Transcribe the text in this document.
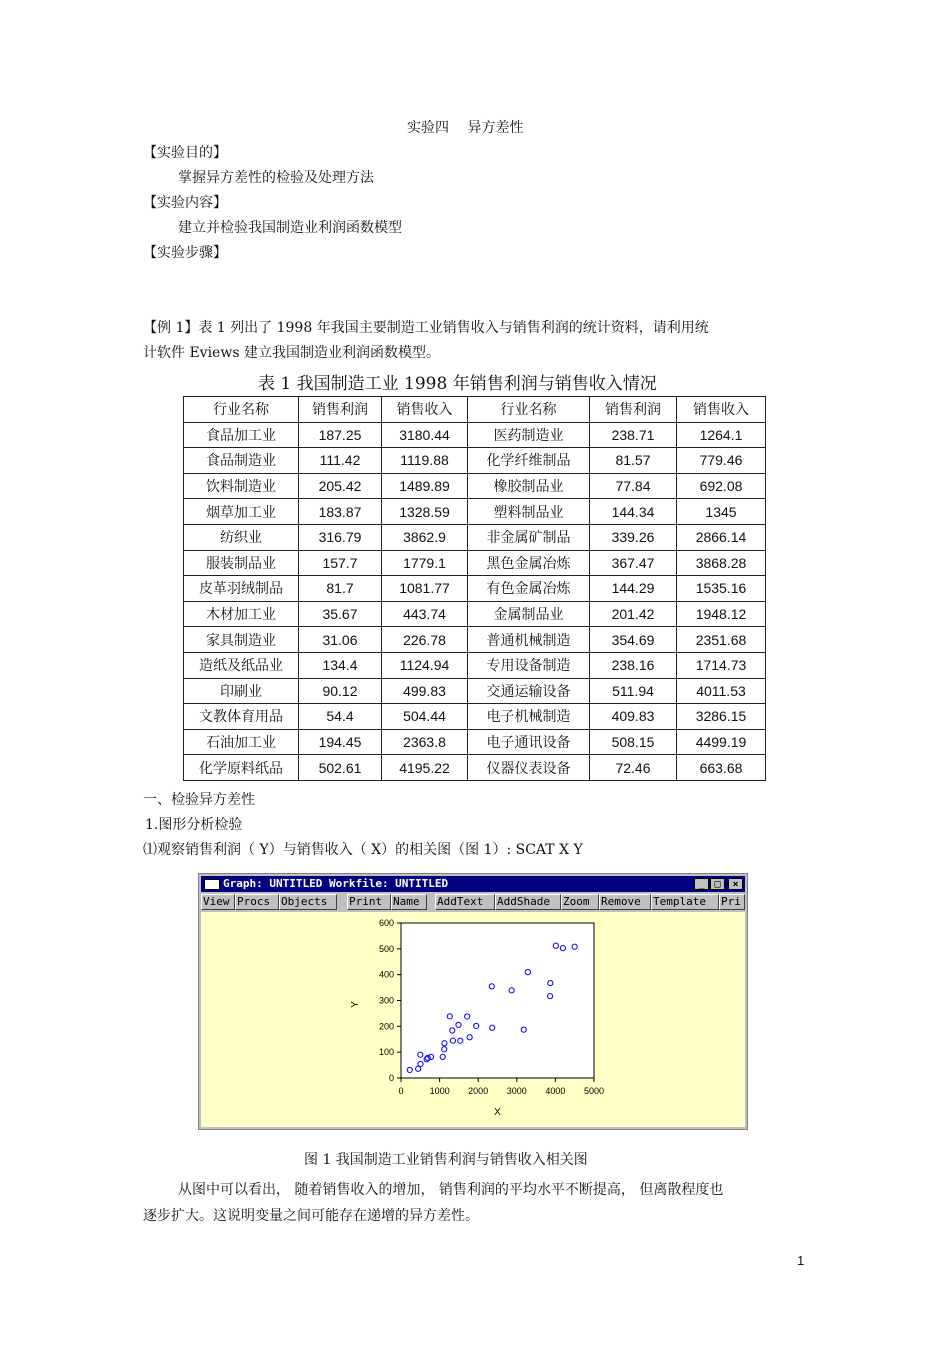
实验四　 异方差性
【实验目的】
掌握异方差性的检验及处理方法
【实验内容】
建立并检验我国制造业利润函数模型
【实验步骤】
【例 1】表 1 列出了 1998 年我国主要制造工业销售收入与销售利润的统计资料，请利用统
计软件 Eviews 建立我国制造业利润函数模型。
表 1 我国制造工业 1998 年销售利润与销售收入情况
行业名称	销售利润	销售收入	行业名称	销售利润	销售收入
食品加工业	187.25	3180.44	医药制造业	238.71	1264.1
食品制造业	111.42	1119.88	化学纤维制品	81.57	779.46
饮料制造业	205.42	1489.89	橡胶制品业	77.84	692.08
烟草加工业	183.87	1328.59	塑料制品业	144.34	1345
纺织业	316.79	3862.9	非金属矿制品	339.26	2866.14
服装制品业	157.7	1779.1	黑色金属冶炼	367.47	3868.28
皮革羽绒制品	81.7	1081.77	有色金属冶炼	144.29	1535.16
木材加工业	35.67	443.74	金属制品业	201.42	1948.12
家具制造业	31.06	226.78	普通机械制造	354.69	2351.68
造纸及纸品业	134.4	1124.94	专用设备制造	238.16	1714.73
印刷业	90.12	499.83	交通运输设备	511.94	4011.53
文教体育用品	54.4	504.44	电子机械制造	409.83	3286.15
石油加工业	194.45	2363.8	电子通讯设备	508.15	4499.19
化学原料纸品	502.61	4195.22	仪器仪表设备	72.46	663.68
一、检验异方差性
1.图形分析检验
⑴观察销售利润（ Y）与销售收入（ X）的相关图（图 1）: SCAT X Y
Graph: UNTITLED Workfile: UNTITLED	_ □	×
View Procs Objects	Print Name	AddText	AddShade	Zoom	Remove	Template	Pri
0	1000 2000 3000 4000 5000
0
100
200
300
400
500
600
X
Y
图 1 我国制造工业销售利润与销售收入相关图
从图中可以看出， 随着销售收入的增加， 销售利润的平均水平不断提高， 但离散程度也
逐步扩大。这说明变量之间可能存在递增的异方差性。
1
